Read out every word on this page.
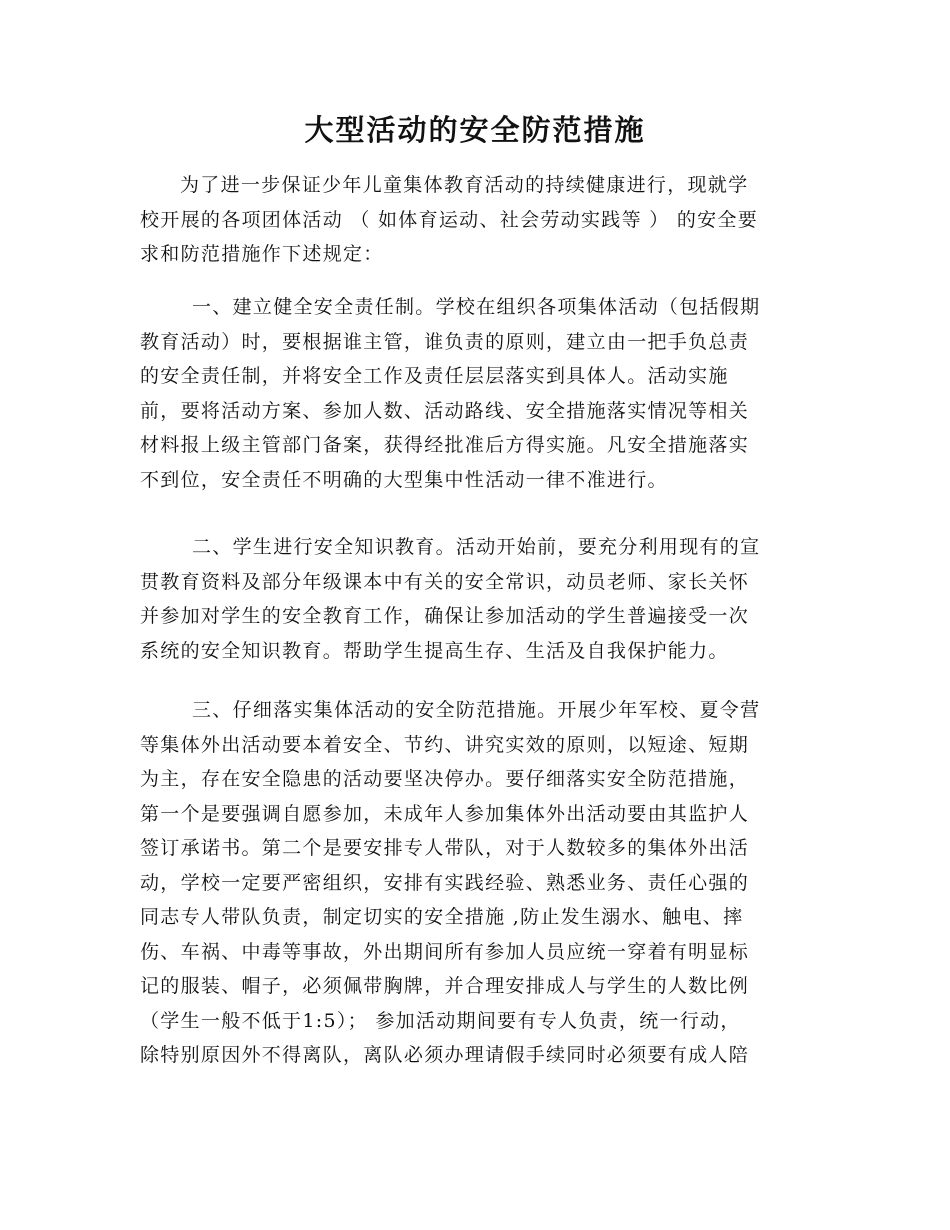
大型活动的安全防范措施

为了进一步保证少年儿童集体教育活动的持续健康进行，现就学
校开展的各项团体活动 （ 如体育运动、社会劳动实践等 ） 的安全要
求和防范措施作下述规定：

一、建立健全安全责任制。学校在组织各项集体活动（包括假期
教育活动）时，要根据谁主管，谁负责的原则，建立由一把手负总责
的安全责任制，并将安全工作及责任层层落实到具体人。活动实施
前，要将活动方案、参加人数、活动路线、安全措施落实情况等相关
材料报上级主管部门备案，获得经批准后方得实施。凡安全措施落实
不到位，安全责任不明确的大型集中性活动一律不准进行。

二、学生进行安全知识教育。活动开始前，要充分利用现有的宣
贯教育资料及部分年级课本中有关的安全常识，动员老师、家长关怀
并参加对学生的安全教育工作，确保让参加活动的学生普遍接受一次
系统的安全知识教育。帮助学生提高生存、生活及自我保护能力。

三、仔细落实集体活动的安全防范措施。开展少年军校、夏令营
等集体外出活动要本着安全、节约、讲究实效的原则，以短途、短期
为主，存在安全隐患的活动要坚决停办。要仔细落实安全防范措施，
第一个是要强调自愿参加，未成年人参加集体外出活动要由其监护人
签订承诺书。第二个是要安排专人带队，对于人数较多的集体外出活
动，学校一定要严密组织，安排有实践经验、熟悉业务、责任心强的
同志专人带队负责，制定切实的安全措施 ,防止发生溺水、触电、摔
伤、车祸、中毒等事故，外出期间所有参加人员应统一穿着有明显标
记的服装、帽子，必须佩带胸牌，并合理安排成人与学生的人数比例
（学生一般不低于1:5）； 参加活动期间要有专人负责，统一行动，
除特别原因外不得离队，离队必须办理请假手续同时必须要有成人陪
